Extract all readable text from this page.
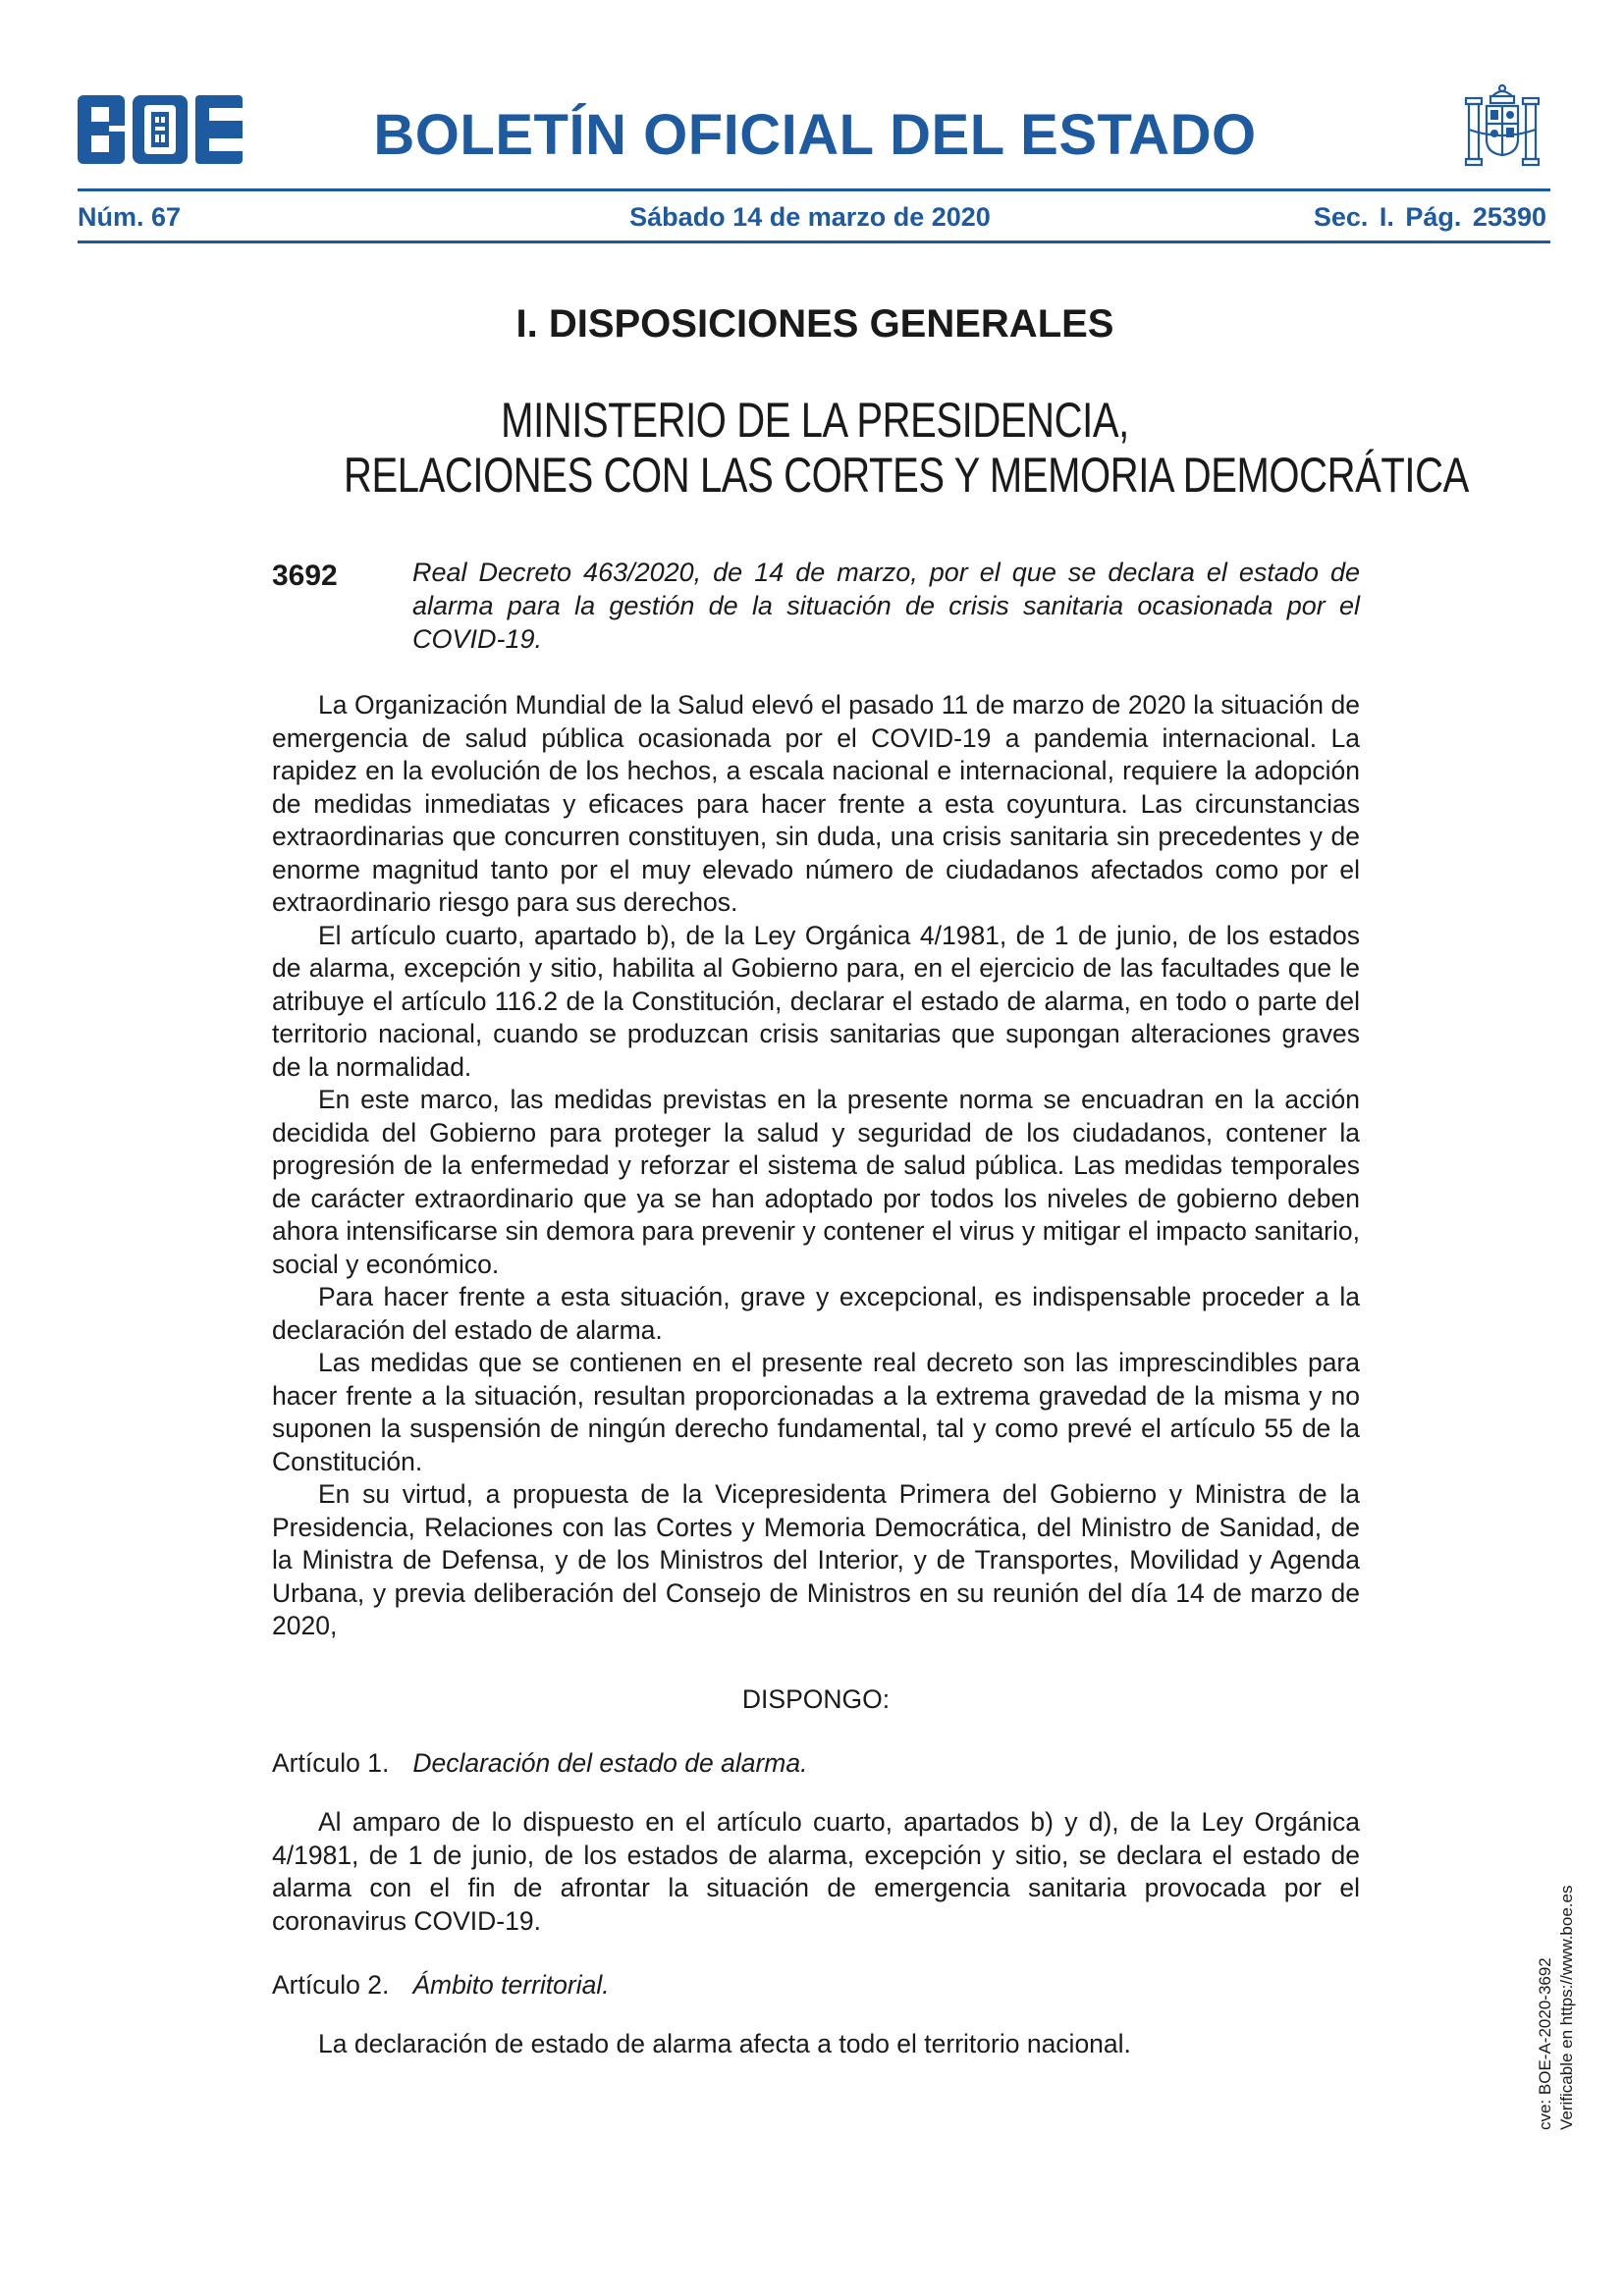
BOLETÍN OFICIAL DEL ESTADO
Núm. 67	Sábado 14 de marzo de 2020	Sec. I. Pág. 25390
I. DISPOSICIONES GENERALES
MINISTERIO DE LA PRESIDENCIA,
RELACIONES CON LAS CORTES Y MEMORIA DEMOCRÁTICA
3692	Real Decreto 463/2020, de 14 de marzo, por el que se declara el estado de alarma para la gestión de la situación de crisis sanitaria ocasionada por el COVID-19.

La Organización Mundial de la Salud elevó el pasado 11 de marzo de 2020 la situación de emergencia de salud pública ocasionada por el COVID-19 a pandemia internacional. La rapidez en la evolución de los hechos, a escala nacional e internacional, requiere la adopción de medidas inmediatas y eficaces para hacer frente a esta coyuntura. Las circunstancias extraordinarias que concurren constituyen, sin duda, una crisis sanitaria sin precedentes y de enorme magnitud tanto por el muy elevado número de ciudadanos afectados como por el extraordinario riesgo para sus derechos.

El artículo cuarto, apartado b), de la Ley Orgánica 4/1981, de 1 de junio, de los estados de alarma, excepción y sitio, habilita al Gobierno para, en el ejercicio de las facultades que le atribuye el artículo 116.2 de la Constitución, declarar el estado de alarma, en todo o parte del territorio nacional, cuando se produzcan crisis sanitarias que supongan alteraciones graves de la normalidad.

En este marco, las medidas previstas en la presente norma se encuadran en la acción decidida del Gobierno para proteger la salud y seguridad de los ciudadanos, contener la progresión de la enfermedad y reforzar el sistema de salud pública. Las medidas temporales de carácter extraordinario que ya se han adoptado por todos los niveles de gobierno deben ahora intensificarse sin demora para prevenir y contener el virus y mitigar el impacto sanitario, social y económico.

Para hacer frente a esta situación, grave y excepcional, es indispensable proceder a la declaración del estado de alarma.

Las medidas que se contienen en el presente real decreto son las imprescindibles para hacer frente a la situación, resultan proporcionadas a la extrema gravedad de la misma y no suponen la suspensión de ningún derecho fundamental, tal y como prevé el artículo 55 de la Constitución.

En su virtud, a propuesta de la Vicepresidenta Primera del Gobierno y Ministra de la Presidencia, Relaciones con las Cortes y Memoria Democrática, del Ministro de Sanidad, de la Ministra de Defensa, y de los Ministros del Interior, y de Transportes, Movilidad y Agenda Urbana, y previa deliberación del Consejo de Ministros en su reunión del día 14 de marzo de 2020,

DISPONGO:
Artículo 1. Declaración del estado de alarma.

Al amparo de lo dispuesto en el artículo cuarto, apartados b) y d), de la Ley Orgánica 4/1981, de 1 de junio, de los estados de alarma, excepción y sitio, se declara el estado de alarma con el fin de afrontar la situación de emergencia sanitaria provocada por el coronavirus COVID-19.

Artículo 2. Ámbito territorial.

La declaración de estado de alarma afecta a todo el territorio nacional.	cve: BOE-A-2020-3692 Verificable en https://www.boe.es
